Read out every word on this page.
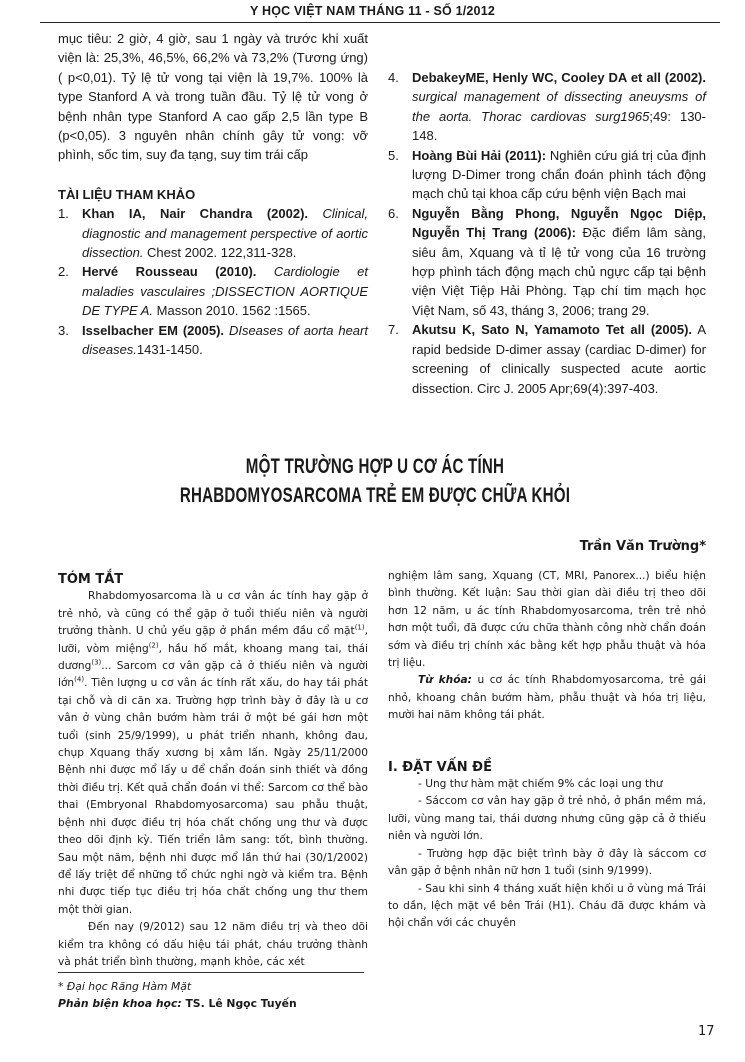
Y HỌC VIỆT NAM THÁNG 11 - SỐ 1/2012

mục tiêu: 2 giờ, 4 giờ, sau 1 ngày và trước khi xuất viện là: 25,3%, 46,5%, 66,2% và 73,2% (Tương ứng) ( p<0,01). Tỷ lệ tử vong tại viện là 19,7%. 100% là type Stanford A và trong tuần đầu. Tỷ lệ tử vong ở bệnh nhân type Stanford A cao gấp 2,5 lần type B (p<0,05). 3 nguyên nhân chính gây tử vong: vỡ phình, sốc tim, suy đa tạng, suy tim trái cấp

TÀI LIỆU THAM KHẢO

1.	Khan IA, Nair Chandra (2002). Clinical, diagnostic and management perspective of aortic dissection. Chest 2002. 122,311-328.
2.	Hervé Rousseau (2010). Cardiologie et maladies vasculaires ;DISSECTION AORTIQUE DE TYPE A. Masson 2010. 1562 :1565.
3.	Isselbacher EM (2005). DIseases of aorta heart diseases.1431-1450.
4.	DebakeyME, Henly WC, Cooley DA et all (2002). surgical management of dissecting aneuysms of the aorta. Thorac cardiovas surg1965;49: 130- 148.
5.	Hoàng Bùi Hải (2011): Nghiên cứu giá trị của định lượng D-Dimer trong chẩn đoán phình tách động mạch chủ tại khoa cấp cứu bệnh viện Bạch mai
6.	Nguyễn Bằng Phong, Nguyễn Ngọc Diệp, Nguyễn Thị Trang (2006): Đặc điểm lâm sàng, siêu âm, Xquang và tỉ lệ tử vong của 16 trường hợp phình tách động mạch chủ ngực cấp tại bệnh viện Việt Tiệp Hải Phòng. Tạp chí tim mạch học Việt Nam, số 43, tháng 3, 2006; trang 29.
7.	Akutsu K, Sato N, Yamamoto Tet all (2005). A rapid bedside D-dimer assay (cardiac D-dimer) for screening of clinically suspected acute aortic dissection. Circ J. 2005 Apr;69(4):397-403.
MỘT TRƯỜNG HỢP U CƠ ÁC TÍNH
RHABDOMYOSARCOMA TRẺ EM ĐƯỢC CHỮA KHỎI
Trần Văn Trường*

TÓM TẮT

Rhabdomyosarcoma là u cơ vân ác tính hay gặp ở trẻ nhỏ, và cũng có thể gặp ở tuổi thiếu niên và người trưởng thành. U chủ yếu gặp ở phần mềm đầu cổ mặt$^{(1)}$, lưỡi, vòm miệng$^{(2)}$, hầu hố mắt, khoang mang tai, thái dương$^{(3)}$... Sarcom cơ vân gặp cả ở thiếu niên và người lớn$^{(4)}$. Tiên lượng u cơ vân ác tính rất xấu, do hay tái phát tại chỗ và di căn xa. Trường hợp trình bày ở đây là u cơ vân ở vùng chân bướm hàm trái ở một bé gái hơn một tuổi (sinh 25/9/1999), u phát triển nhanh, không đau, chụp Xquang thấy xương bị xâm lấn. Ngày 25/11/2000 Bệnh nhi được mổ lấy u để chẩn đoán sinh thiết và đồng thời điều trị. Kết quả chẩn đoán vi thể: Sarcom cơ thể bào thai (Embryonal Rhabdomyosarcoma) sau phẫu thuật, bệnh nhi được điều trị hóa chất chống ung thư và được theo dõi định kỳ. Tiến triển lâm sang: tốt, bình thường. Sau một năm, bệnh nhi được mổ lần thứ hai (30/1/2002) để lấy triệt để những tổ chức nghi ngờ và kiểm tra. Bệnh nhi được tiếp tục điều trị hóa chất chống ung thư them một thời gian.

Đến nay (9/2012) sau 12 năm điều trị và theo dõi kiểm tra không có dấu hiệu tái phát, cháu trưởng thành và phát triển bình thường, mạnh khỏe, các xét

nghiệm lâm sang, Xquang (CT, MRI, Panorex...) biểu hiện bình thường. Kết luận: Sau thời gian dài điều trị theo dõi hơn 12 năm, u ác tính Rhabdomyosarcoma, trên trẻ nhỏ hơn một tuổi, đã được cứu chữa thành công nhờ chẩn đoán sớm và điều trị chính xác bằng kết hợp phẫu thuật và hóa trị liệu.

Từ khóa: u cơ ác tính Rhabdomyosarcoma, trẻ gái nhỏ, khoang chân bướm hàm, phẫu thuật và hóa trị liệu, mười hai năm không tái phát.

I. ĐẶT VẤN ĐỀ

- Ung thư hàm mặt chiếm 9% các loại ung thư

- Sáccom cơ vân hay gặp ở trẻ nhỏ, ở phần mềm má, lưỡi, vùng mang tai, thái dương nhưng cũng gặp cả ở thiếu niên và người lớn.

- Trường hợp đặc biệt trình bày ở đây là sáccom cơ vân gặp ở bệnh nhân nữ hơn 1 tuổi (sinh 9/1999).

- Sau khi sinh 4 tháng xuất hiện khối u ở vùng má Trái to dần, lệch mặt về bên Trái (H1). Cháu đã được khám và hội chẩn với các chuyên

* Đại học Răng Hàm Mặt
Phản biện khoa học: TS. Lê Ngọc Tuyến
17
